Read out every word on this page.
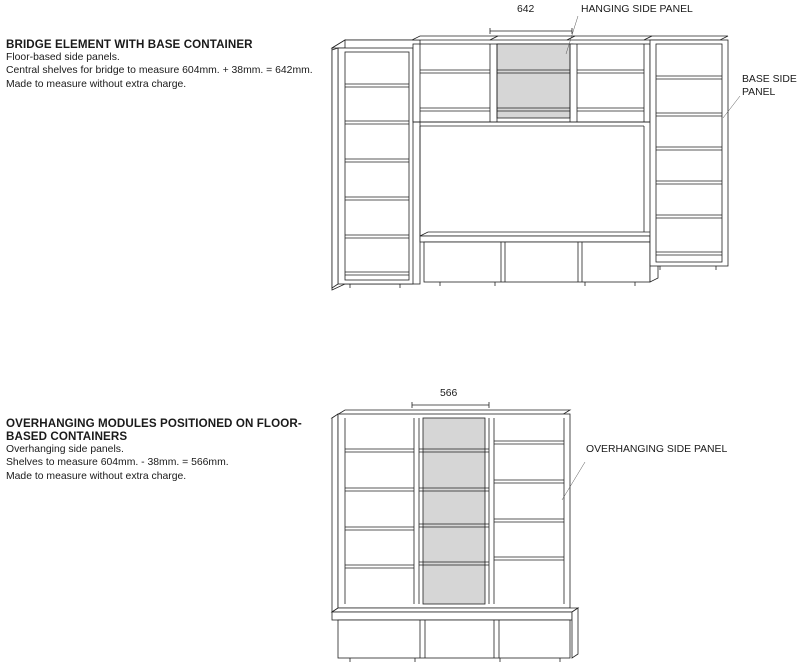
BRIDGE ELEMENT WITH BASE CONTAINER
Floor-based side panels.
Central shelves for bridge to measure 604mm. + 38mm. = 642mm.
Made to measure without extra charge.
OVERHANGING MODULES POSITIONED ON FLOOR-
BASED CONTAINERS
Overhanging side panels.
Shelves to measure 604mm. - 38mm. = 566mm.
Made to measure without extra charge.
642	HANGING SIDE PANEL
BASE SIDE
PANEL
566
OVERHANGING SIDE PANEL
